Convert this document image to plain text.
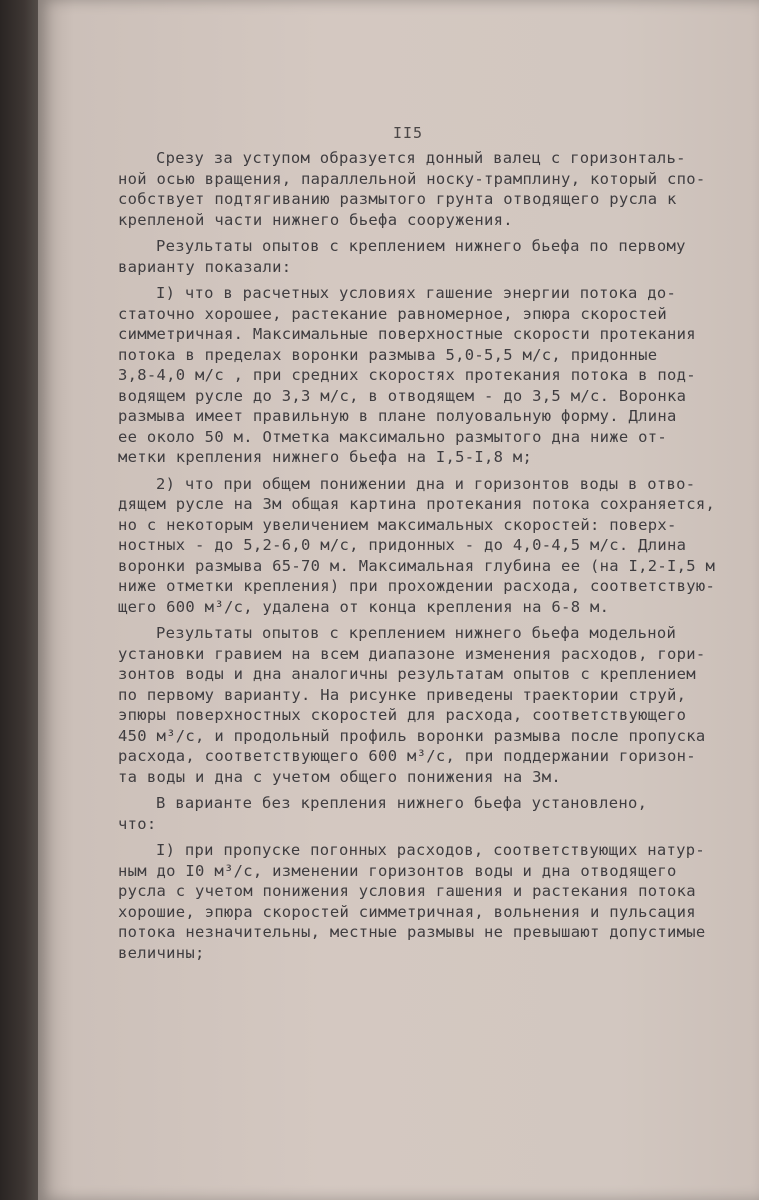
II5
Срезу за уступом образуется донный валец с горизонталь-
ной осью вращения, параллельной носку-трамплину, который спо-
собствует подтягиванию размытого грунта отводящего русла к
крепленой части нижнего бьефа сооружения.
Результаты опытов с креплением нижнего бьефа по первому
варианту показали:
I) что в расчетных условиях гашение энергии потока до-
статочно хорошее, растекание равномерное, эпюра скоростей
симметричная. Максимальные поверхностные скорости протекания
потока в пределах воронки размыва 5,0-5,5 м/с, придонные
3,8-4,0 м/с , при средних скоростях протекания потока в под-
водящем русле до 3,3 м/с, в отводящем - до 3,5 м/с. Воронка
размыва имеет правильную в плане полуовальную форму. Длина
ее около 50 м. Отметка максимально размытого дна ниже от-
метки крепления нижнего бьефа на I,5-I,8 м;
2) что при общем понижении дна и горизонтов воды в отво-
дящем русле на 3м общая картина протекания потока сохраняется,
но с некоторым увеличением максимальных скоростей: поверх-
ностных - до 5,2-6,0 м/с, придонных - до 4,0-4,5 м/с. Длина
воронки размыва 65-70 м. Максимальная глубина ее (на I,2-I,5 м
ниже отметки крепления) при прохождении расхода, соответствую-
щего 600 м³/с, удалена от конца крепления на 6-8 м.
Результаты опытов с креплением нижнего бьефа модельной
установки гравием на всем диапазоне изменения расходов, гори-
зонтов воды и дна аналогичны результатам опытов с креплением
по первому варианту. На рисунке приведены траектории струй,
эпюры поверхностных скоростей для расхода, соответствующего
450 м³/с, и продольный профиль воронки размыва после пропуска
расхода, соответствующего 600 м³/с, при поддержании горизон-
та воды и дна с учетом общего понижения на 3м.
В варианте без крепления нижнего бьефа установлено,
что:
I) при пропуске погонных расходов, соответствующих натур-
ным до I0 м³/с, изменении горизонтов воды и дна отводящего
русла с учетом понижения условия гашения и растекания потока
хорошие, эпюра скоростей симметричная, вольнения и пульсация
потока незначительны, местные размывы не превышают допустимые
величины;
